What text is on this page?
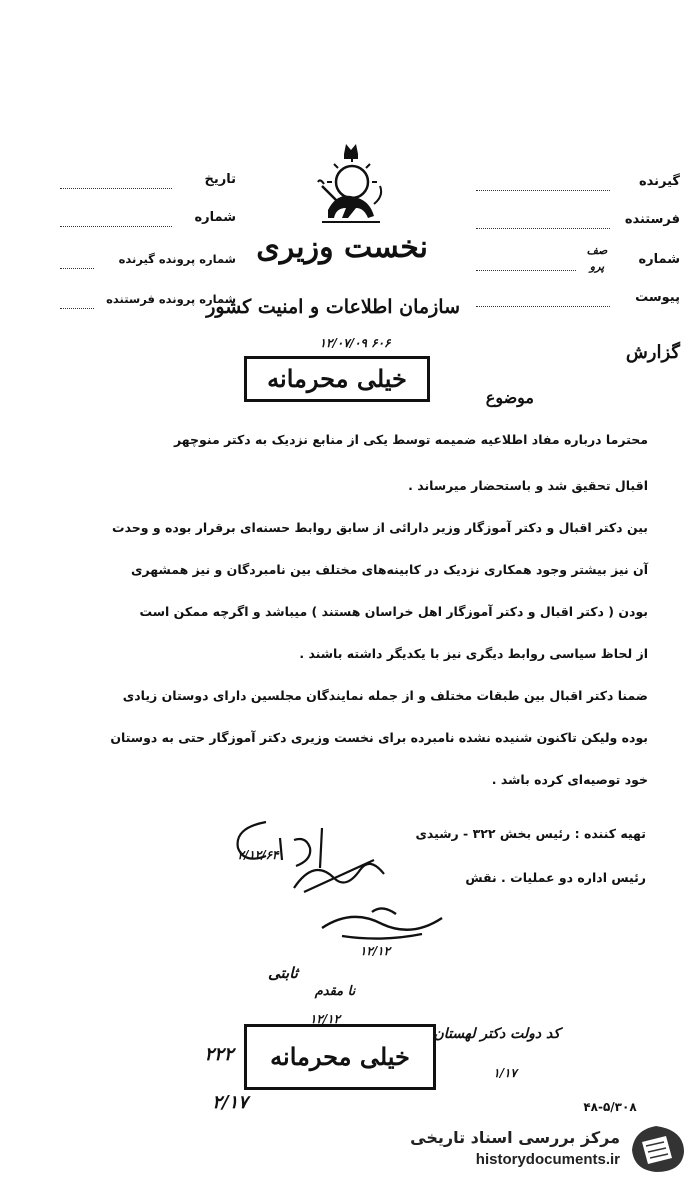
نخست وزیری
سازمان اطلاعات و امنیت کشور
تاریخ
شماره
شماره پرونده گیرنده
شماره پرونده فرستنده
گیرنده
فرستنده
شماره
صف
پرو
پیوست
گزارش
۱۲/۰۷/۰۹ ۶۰۶
خیلی محرمانه
موضوع
محترما درباره مفاد اطلاعیه ضمیمه توسط یکی از منابع نزدیک به دکتر منوچهر
اقبال تحقیق شد و باستحضار میرساند .
بین دکتر اقبال و دکتر آموزگار وزیر دارائی از سابق روابط حسنه‌ای برقرار بوده و وحدت
آن نیز بیشتر وجود همکاری نزدیک در کابینه‌های مختلف بین نامبردگان و نیز همشهری
بودن ( دکتر اقبال و دکتر آموزگار اهل خراسان هستند ) میباشد و اگرچه ممکن است
از لحاظ سیاسی روابط دیگری نیز با یکدیگر داشته باشند .
ضمنا دکتر اقبال بین طبقات مختلف و از جمله نمایندگان مجلسین دارای دوستان زیادی
بوده ولیکن تاکنون شنیده نشده نامبرده برای نخست وزیری دکتر آموزگار حتی به دوستان
خود توصیه‌ای کرده باشد .
تهیه کننده : رئیس بخش ۳۲۲ - رشیدی
رئیس اداره دو عملیات . نقش
۲/۱۲/۶۴
۱۲/۱۲
ثابتی
نا مقدم
۱۲/۱۲
کد دولت دکتر لهستان
۱/۱۷
خیلی محرمانه
۲۲۲
۲/۱۷	۴۸-۵/۳۰۸
مرکز بررسی اسناد تاریخی
historydocuments.ir
